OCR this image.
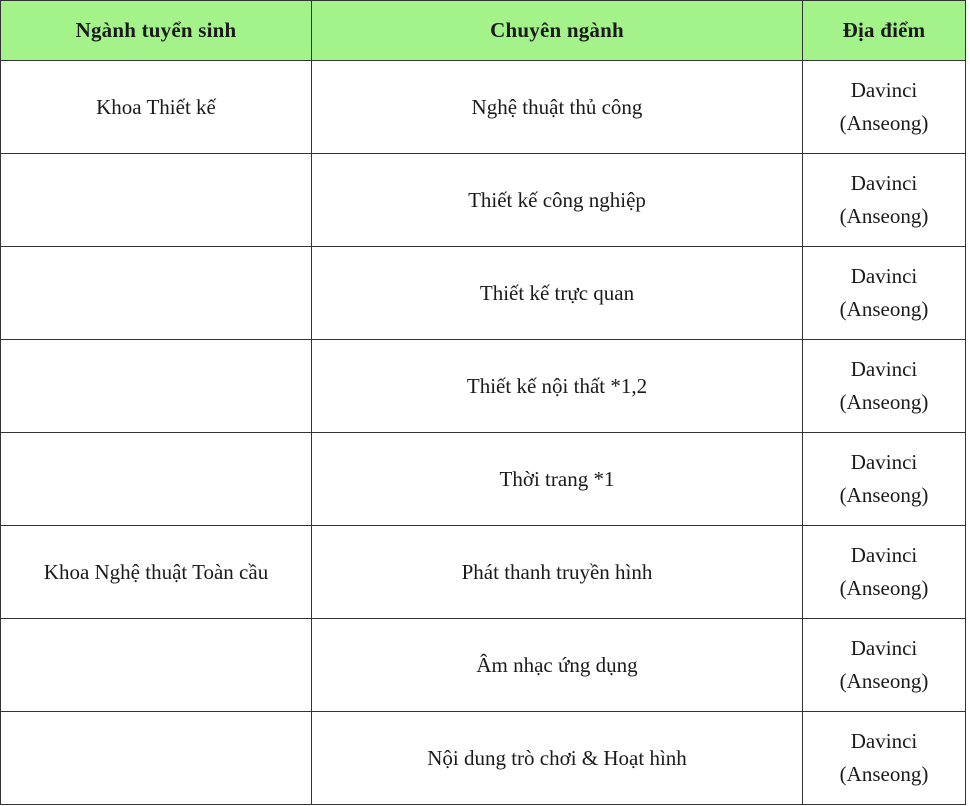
Ngành tuyển sinh	Chuyên ngành	Địa điểm
Khoa Thiết kế	Nghệ thuật thủ công	Davinci
(Anseong)

	Thiết kế công nghiệp	Davinci
(Anseong)

	Thiết kế trực quan	Davinci
(Anseong)

	Thiết kế nội thất *1,2	Davinci
(Anseong)

	Thời trang *1	Davinci
(Anseong)

Khoa Nghệ thuật Toàn cầu	Phát thanh truyền hình	Davinci
(Anseong)

	Âm nhạc ứng dụng	Davinci
(Anseong)

	Nội dung trò chơi & Hoạt hình	Davinci
(Anseong)
